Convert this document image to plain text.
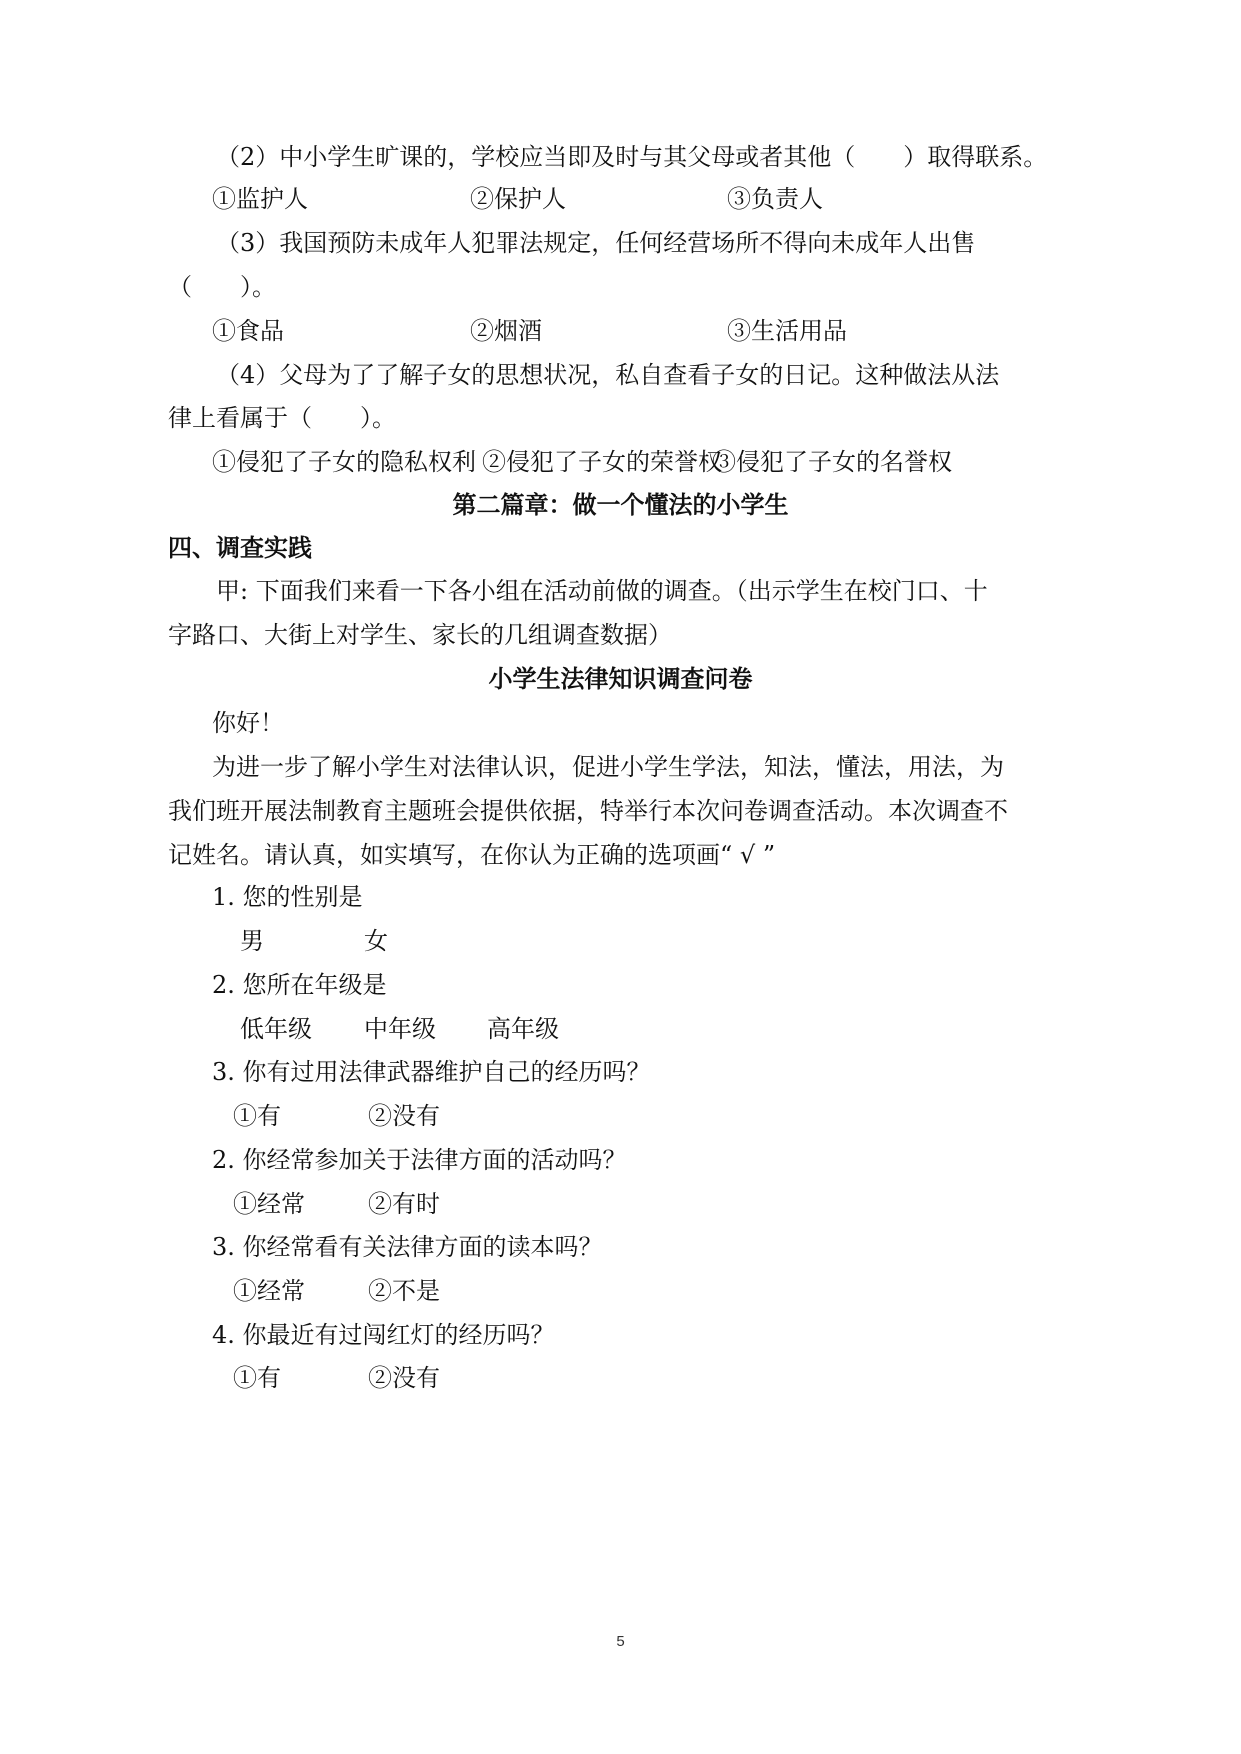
（2）中小学生旷课的，学校应当即及时与其父母或者其他（　　）取得联系。
①监护人	②保护人	③负责人
（3）我国预防未成年人犯罪法规定，任何经营场所不得向未成年人出售
（　　）。
①食品	②烟酒	③生活用品
（4）父母为了了解子女的思想状况，私自查看子女的日记。这种做法从法
律上看属于（　　）。
①侵犯了子女的隐私权利 ②侵犯了子女的荣誉权
③侵犯了子女的名誉权
第二篇章：做一个懂法的小学生
四、调查实践
甲: 下面我们来看一下各小组在活动前做的调查。（出示学生在校门口、十
字路口、大街上对学生、家长的几组调查数据）
小学生法律知识调查问卷
你好！
为进一步了解小学生对法律认识，促进小学生学法，知法，懂法，用法，为
我们班开展法制教育主题班会提供依据，特举行本次问卷调查活动。本次调查不
记姓名。请认真，如实填写，在你认为正确的选项画“ √ ”
1. 您的性别是
男	女
2. 您所在年级是
低年级 中年级 高年级
3. 你有过用法律武器维护自己的经历吗？
①有	②没有
2. 你经常参加关于法律方面的活动吗？
①经常	②有时
3. 你经常看有关法律方面的读本吗？
①经常	②不是
4. 你最近有过闯红灯的经历吗？
①有	②没有
5
